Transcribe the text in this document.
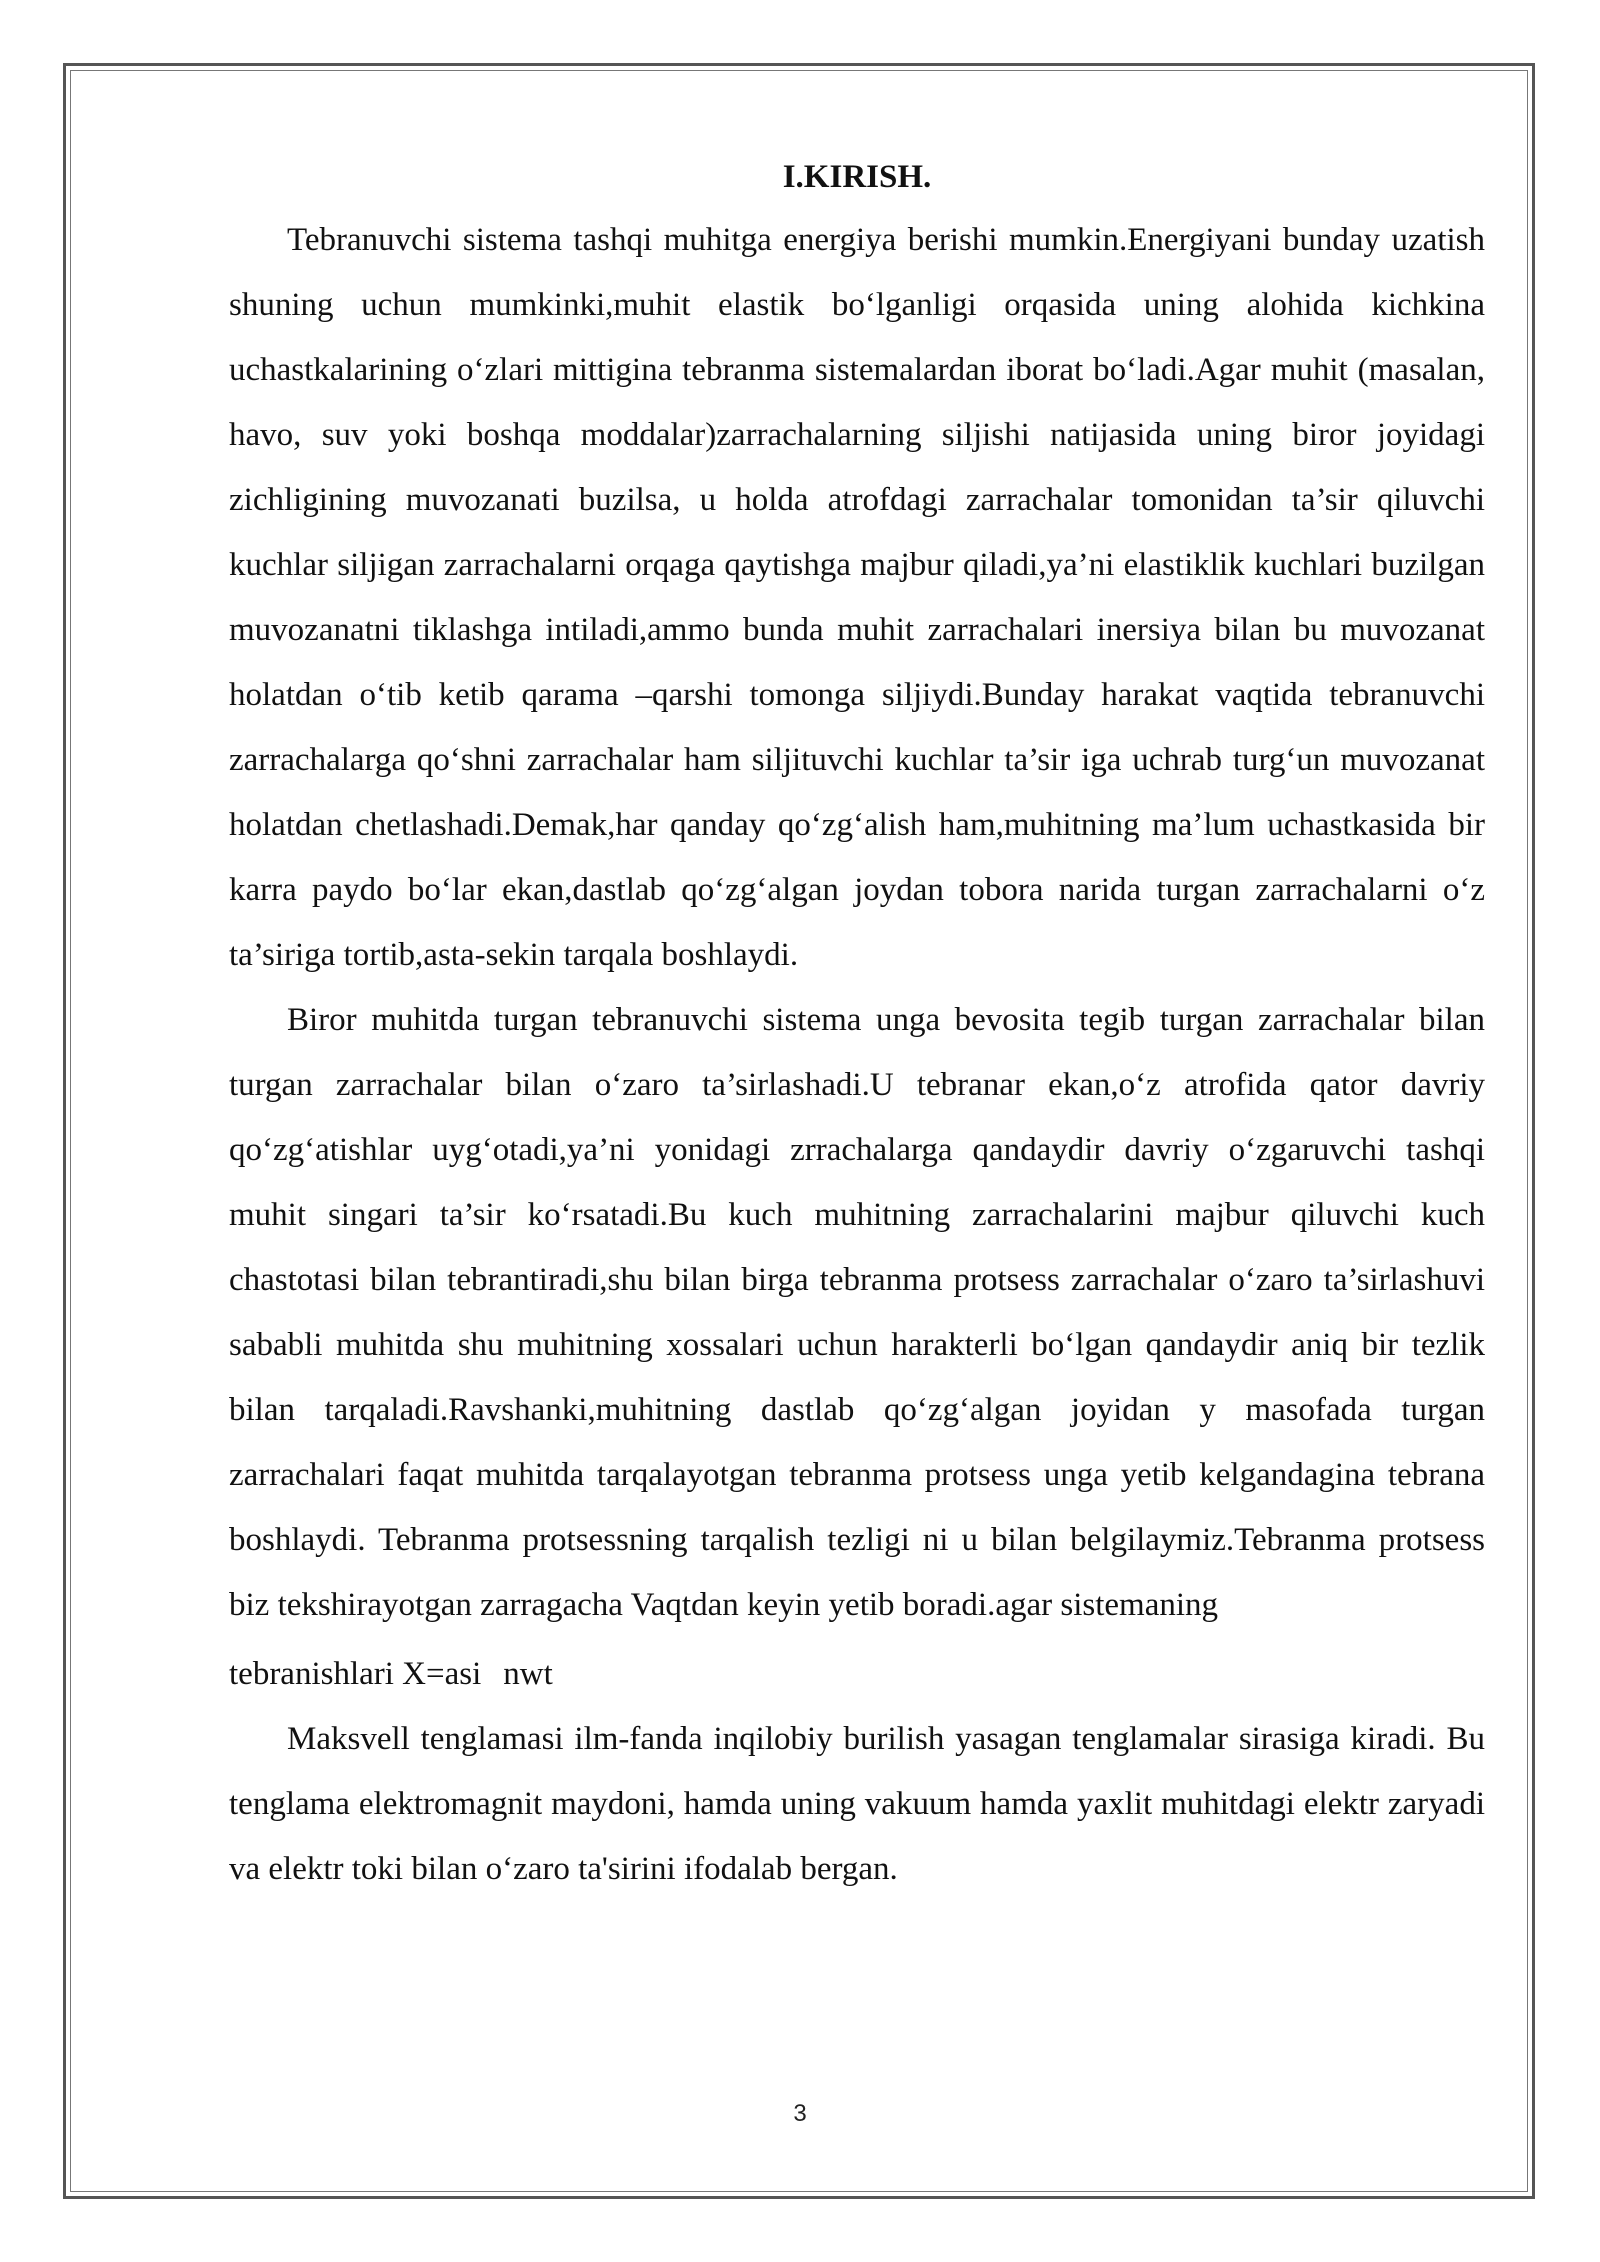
I.KIRISH.

Tebranuvchi sistema tashqi muhitga energiya berishi mumkin.Energiyani bunday uzatish shuning uchun mumkinki,muhit elastik bo‘lganligi orqasida uning alohida kichkina uchastkalarining o‘zlari mittigina tebranma sistemalardan iborat bo‘ladi.Agar muhit (masalan, havo, suv yoki boshqa moddalar)zarrachalarning siljishi natijasida uning biror joyidagi zichligining muvozanati buzilsa, u holda atrofdagi zarrachalar tomonidan ta’sir qiluvchi kuchlar siljigan zarrachalarni orqaga qaytishga majbur qiladi,ya’ni elastiklik kuchlari buzilgan muvozanatni tiklashga intiladi,ammo bunda muhit zarrachalari inersiya bilan bu muvozanat holatdan o‘tib ketib qarama –qarshi tomonga siljiydi.Bunday harakat vaqtida tebranuvchi zarrachalarga qo‘shni zarrachalar ham siljituvchi kuchlar ta’sir iga uchrab turg‘un muvozanat holatdan chetlashadi.Demak,har qanday qo‘zg‘alish ham,muhitning ma’lum uchastkasida bir karra paydo bo‘lar ekan,dastlab qo‘zg‘algan joydan tobora narida turgan zarrachalarni o‘z ta’siriga tortib,asta-sekin tarqala boshlaydi.

Biror muhitda turgan tebranuvchi sistema unga bevosita tegib turgan zarrachalar bilan turgan zarrachalar bilan o‘zaro ta’sirlashadi.U tebranar ekan,o‘z atrofida qator davriy qo‘zg‘atishlar uyg‘otadi,ya’ni yonidagi zrrachalarga qandaydir davriy o‘zgaruvchi tashqi muhit singari ta’sir ko‘rsatadi.Bu kuch muhitning zarrachalarini majbur qiluvchi kuch chastotasi bilan tebrantiradi,shu bilan birga tebranma protsess zarrachalar o‘zaro ta’sirlashuvi sababli muhitda shu muhitning xossalari uchun harakterli bo‘lgan qandaydir aniq bir tezlik bilan tarqaladi.Ravshanki,muhitning dastlab qo‘zg‘algan joyidan y masofada turgan zarrachalari faqat muhitda tarqalayotgan tebranma protsess unga yetib kelgandagina tebrana boshlaydi. Tebranma protsessning tarqalish tezligi ni u bilan belgilaymiz.Tebranma protsess biz tekshirayotgan zarragacha Vaqtdan keyin yetib boradi.agar sistemaning

tebranishlari X=asi nwt

Maksvell tenglamasi ilm-fanda inqilobiy burilish yasagan tenglamalar sirasiga kiradi. Bu tenglama elektromagnit maydoni, hamda uning vakuum hamda yaxlit muhitdagi elektr zaryadi va elektr toki bilan o‘zaro ta'sirini ifodalab bergan.

3
